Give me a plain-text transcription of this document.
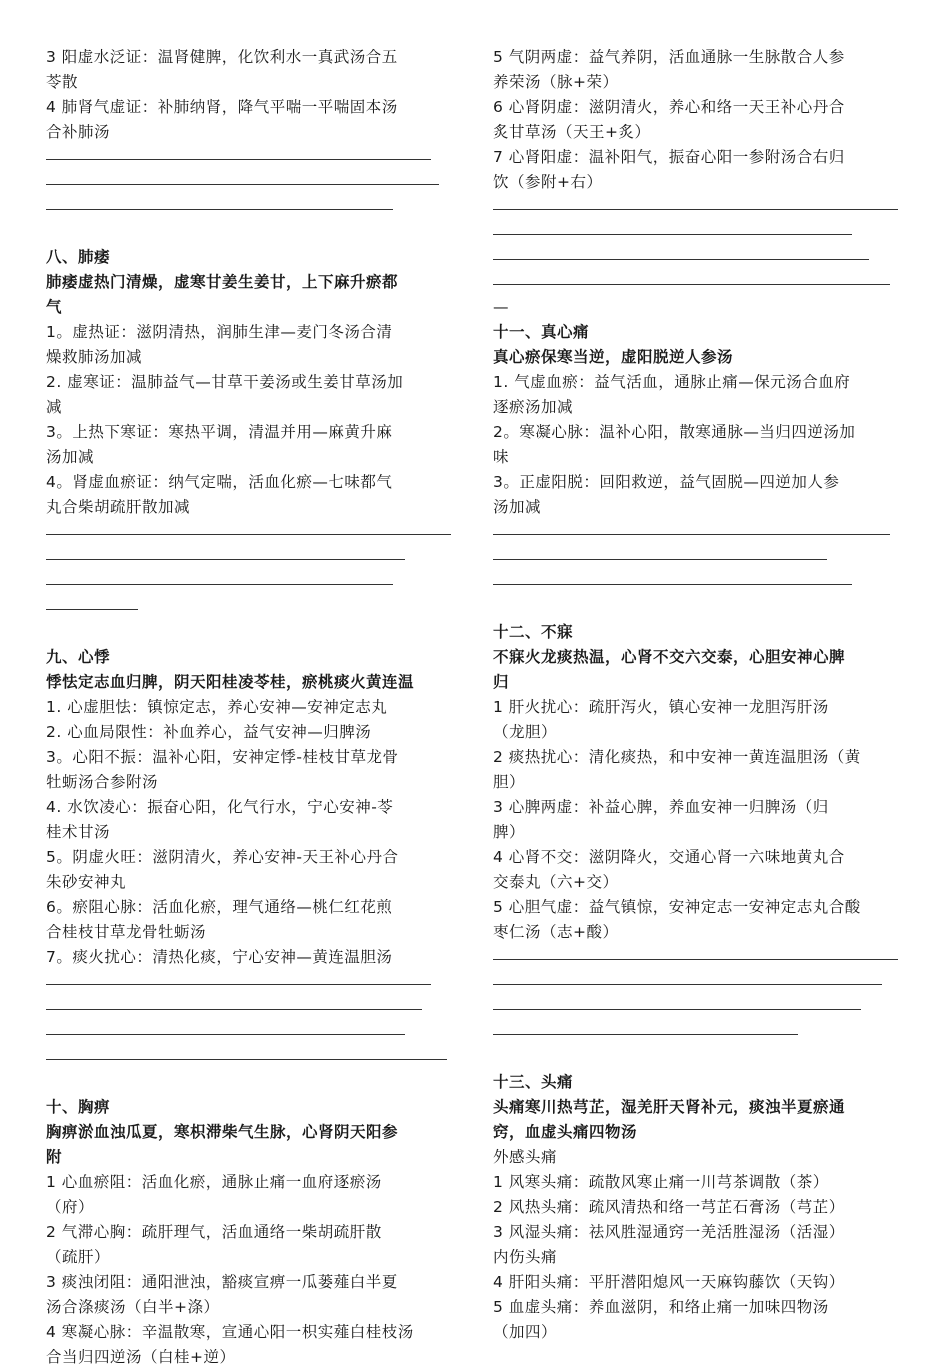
3 阳虚水泛证：温肾健脾，化饮利水一真武汤合五
苓散
4 肺肾气虚证：补肺纳肾，降气平喘一平喘固本汤
合补肺汤
八、肺痿
肺痿虚热门清燥，虚寒甘姜生姜甘，上下麻升瘀都
气
1。虚热证：滋阴清热，润肺生津—麦门冬汤合清
燥救肺汤加减
2. 虚寒证：温肺益气—甘草干姜汤或生姜甘草汤加
减
3。上热下寒证：寒热平调，清温并用—麻黄升麻
汤加减
4。肾虚血瘀证：纳气定喘，活血化瘀—七味都气
丸合柴胡疏肝散加减
九、心悸
悸怯定志血归脾，阴天阳桂凌苓桂，瘀桃痰火黄连温
1. 心虚胆怯：镇惊定志，养心安神—安神定志丸
2. 心血局限性：补血养心，益气安神—归脾汤
3。心阳不振：温补心阳，安神定悸-桂枝甘草龙骨
牡蛎汤合参附汤
4. 水饮凌心：振奋心阳，化气行水，宁心安神-苓
桂术甘汤
5。阴虚火旺：滋阴清火，养心安神-天王补心丹合
朱砂安神丸
6。瘀阻心脉：活血化瘀，理气通络—桃仁红花煎
合桂枝甘草龙骨牡蛎汤
7。痰火扰心：清热化痰，宁心安神—黄连温胆汤
十、胸痹
胸痹淤血浊瓜夏，寒枳滞柴气生脉，心肾阴天阳参
附
1 心血瘀阻：活血化瘀，通脉止痛一血府逐瘀汤
（府）
2 气滞心胸：疏肝理气，活血通络一柴胡疏肝散
（疏肝）
3 痰浊闭阻：通阳泄浊，豁痰宣痹一瓜蒌薤白半夏
汤合涤痰汤（白半+涤）
4 寒凝心脉：辛温散寒，宣通心阳一枳实薤白桂枝汤
合当归四逆汤（白桂+逆）
5 气阴两虚：益气养阴，活血通脉一生脉散合人参
养荣汤（脉+荣）
6 心肾阴虚：滋阴清火，养心和络一天王补心丹合
炙甘草汤（天王+炙）
7 心肾阳虚：温补阳气，振奋心阳一参附汤合右归
饮（参附+右）
—
十一、真心痛
真心瘀保寒当逆，虚阳脱逆人参汤
1. 气虚血瘀：益气活血，通脉止痛—保元汤合血府
逐瘀汤加减
2。寒凝心脉：温补心阳，散寒通脉—当归四逆汤加
味
3。正虚阳脱：回阳救逆，益气固脱—四逆加人参
汤加减
十二、不寐
不寐火龙痰热温，心肾不交六交泰，心胆安神心脾
归
1 肝火扰心：疏肝泻火，镇心安神一龙胆泻肝汤
（龙胆）
2 痰热扰心：清化痰热，和中安神一黄连温胆汤（黄
胆）
3 心脾两虚：补益心脾，养血安神一归脾汤（归
脾）
4 心肾不交：滋阴降火，交通心肾一六味地黄丸合
交泰丸（六+交）
5 心胆气虚：益气镇惊，安神定志一安神定志丸合酸
枣仁汤（志+酸）
十三、头痛
头痛寒川热芎芷，湿羌肝天肾补元，痰浊半夏瘀通
窍，血虚头痛四物汤
外感头痛
1 风寒头痛：疏散风寒止痛一川芎茶调散（茶）
2 风热头痛：疏风清热和络一芎芷石膏汤（芎芷）
3 风湿头痛：祛风胜湿通窍一羌活胜湿汤（活湿）
内伤头痛
4 肝阳头痛：平肝潜阳熄风一天麻钩藤饮（天钩）
5 血虚头痛：养血滋阴，和络止痛一加味四物汤
（加四）
